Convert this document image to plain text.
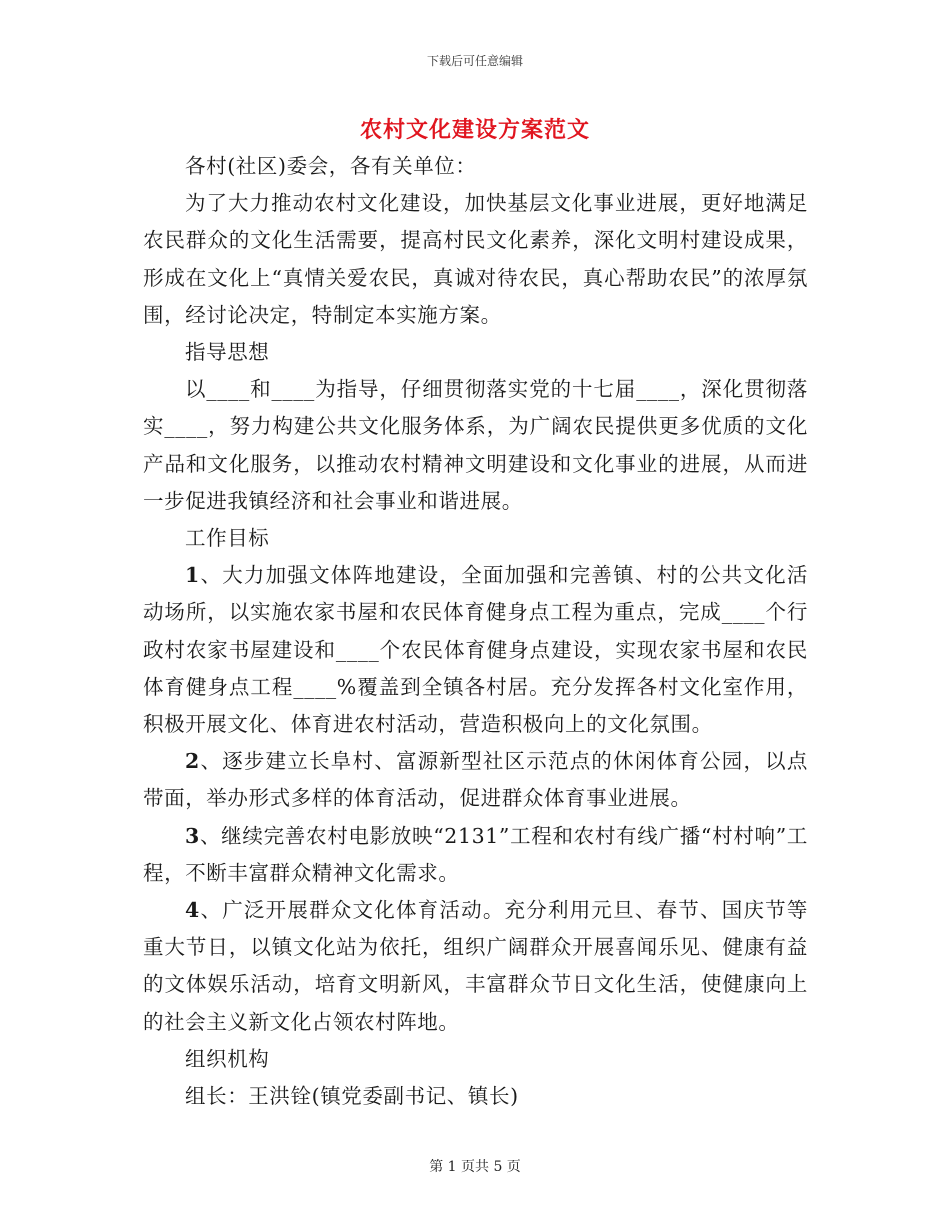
下载后可任意编辑
农村文化建设方案范文

各村(社区)委会，各有关单位：

为了大力推动农村文化建设，加快基层文化事业进展，更好地满足农民群众的文化生活需要，提高村民文化素养，深化文明村建设成果，形成在文化上“真情关爱农民，真诚对待农民，真心帮助农民”的浓厚氛围，经讨论决定，特制定本实施方案。

指导思想

以____和____为指导，仔细贯彻落实党的十七届____，深化贯彻落实____，努力构建公共文化服务体系，为广阔农民提供更多优质的文化产品和文化服务，以推动农村精神文明建设和文化事业的进展，从而进一步促进我镇经济和社会事业和谐进展。

工作目标

1、大力加强文体阵地建设，全面加强和完善镇、村的公共文化活动场所，以实施农家书屋和农民体育健身点工程为重点，完成____个行政村农家书屋建设和____个农民体育健身点建设，实现农家书屋和农民体育健身点工程____%覆盖到全镇各村居。充分发挥各村文化室作用，积极开展文化、体育进农村活动，营造积极向上的文化氛围。

2、逐步建立长阜村、富源新型社区示范点的休闲体育公园，以点带面，举办形式多样的体育活动，促进群众体育事业进展。

3、继续完善农村电影放映“2131”工程和农村有线广播“村村响”工程，不断丰富群众精神文化需求。

4、广泛开展群众文化体育活动。充分利用元旦、春节、国庆节等重大节日，以镇文化站为依托，组织广阔群众开展喜闻乐见、健康有益的文体娱乐活动，培育文明新风，丰富群众节日文化生活，使健康向上的社会主义新文化占领农村阵地。

组织机构

组长：王洪铨(镇党委副书记、镇长)

第 1 页共 5 页
